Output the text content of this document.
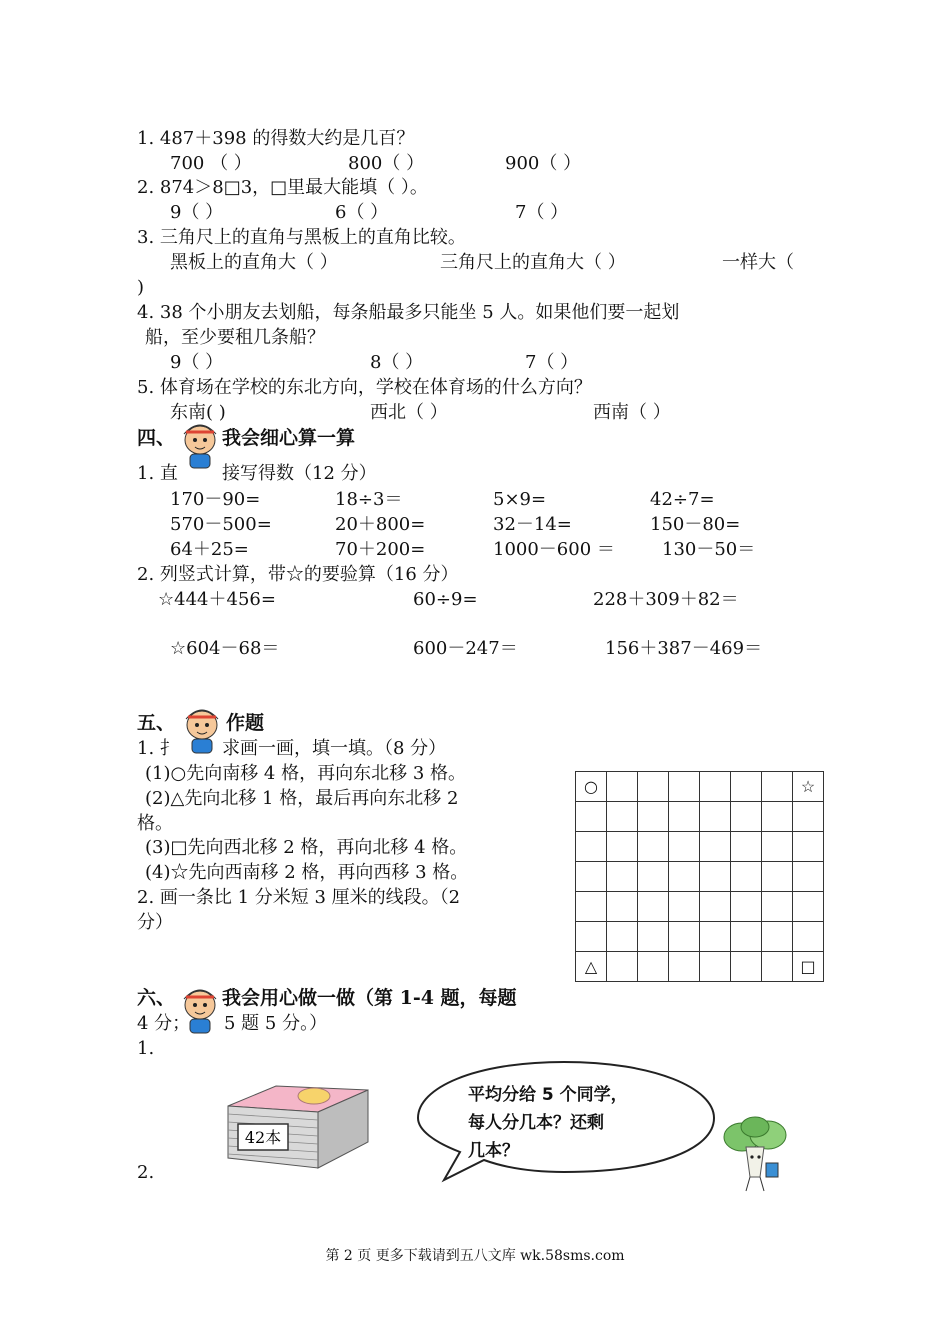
1. 487＋398 的得数大约是几百？
700 （ ）	800（ ）	900（ ）
2. 874＞8□3，□里最大能填（ ）。
9（ ）	6（ ）	7（ ）
3. 三角尺上的直角与黑板上的直角比较。
黑板上的直角大（ ）	三角尺上的直角大（ ）	一样大（
)
4. 38 个小朋友去划船，每条船最多只能坐 5 人。如果他们要一起划
船，至少要租几条船？
9（ ）	8（ ）	7（ ）
5. 体育场在学校的东北方向，学校在体育场的什么方向？
东南( )	西北（ ）	西南（ ）
四、 我会细心算一算
1. 直 接写得数（12 分）
170－90=	18÷3＝	5×9=	42÷7=
570－500=	20＋800=	32－14=	150－80=
64＋25=	70＋200=	1000－600 ＝	130－50＝
2. 列竖式计算，带☆的要验算（16 分）
☆444＋456=	60÷9=	228＋309＋82＝
☆604－68＝	600－247＝	156＋387－469＝
五、	作题
1. 扌 求画一画，填一填。（8 分）
(1)○先向南移 4 格，再向东北移 3 格。
(2)△先向北移 1 格，最后再向东北移 2
格。
(3)□先向西北移 2 格，再向北移 4 格。
(4)☆先向西南移 2 格，再向西移 3 格。
2. 画一条比 1 分米短 3 厘米的线段。（2
分）
○							☆

△							□
六、 我会用心做一做（第 1-4 题，每题
4 分； 5 题 5 分。）
1.
2.
42本
平均分给 5 个同学，
每人分几本？还剩
几本？
第 2 页 更多下载请到五八文库 wk.58sms.com
